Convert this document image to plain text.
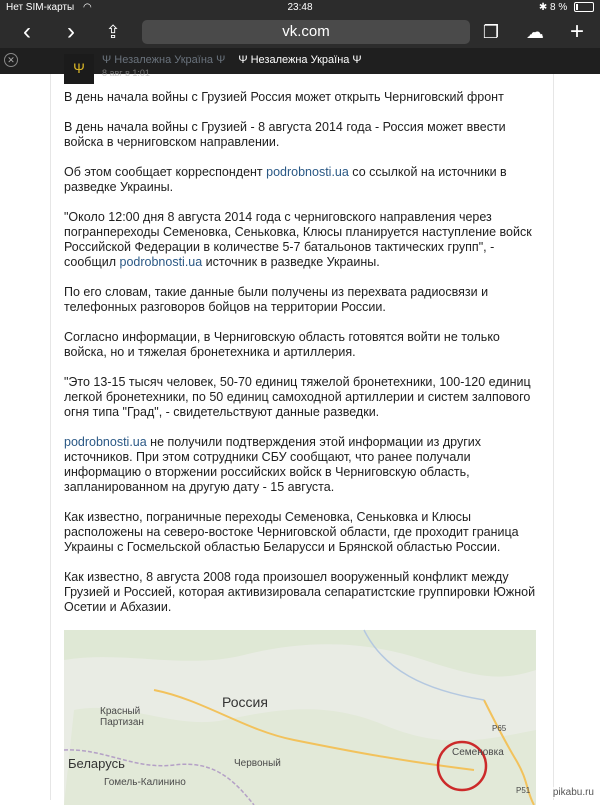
Нет SIM-карты ◠	23:48	✱ 8 %
‹	›	⇪	vk.com	❐	☁	+
✕	Ψ Незалежна Україна Ψ
Ψ	Ψ Незалежна Україна Ψ
8 авг в 1:01

В день начала войны с Грузией Россия может открыть Черниговский фронт

В день начала войны с Грузией - 8 августа 2014 года - Россия может ввести войска в черниговском направлении.

Об этом сообщает корреспондент podrobnosti.ua со ссылкой на источники в разведке Украины.

"Около 12:00 дня 8 августа 2014 года с черниговского направления через погранпереходы Семеновка, Сеньковка, Клюсы планируется наступление войск Российской Федерации в количестве 5-7 батальонов тактических групп", - сообщил podrobnosti.ua источник в разведке Украины.

По его словам, такие данные были получены из перехвата радиосвязи и телефонных разговоров бойцов на территории России.

Согласно информации, в Черниговскую область готовятся войти не только войска, но и тяжелая бронетехника и артиллерия.

"Это 13-15 тысяч человек, 50-70 единиц тяжелой бронетехники, 100-120 единиц легкой бронетехники, по 50 единиц самоходной артиллерии и систем залпового огня типа "Град", - свидетельствуют данные разведки.

podrobnosti.ua не получили подтверждения этой информации из других источников. При этом сотрудники СБУ сообщают, что ранее получали информацию о вторжении российских войск в Черниговскую область, запланированном на другую дату - 15 августа.

Как известно, пограничные переходы Семеновка, Сеньковка и Клюсы расположены на северо-востоке Черниговской области, где проходит граница Украины с Госмельской областью Беларусси и Брянской областью России.

Как известно, 8 августа 2008 года произошел вооруженный конфликт между Грузией и Россией, которая активизировала сепаратистские группировки Южной Осетии и Абхазии.

Россия
Беларусь
Красный
Партизан
Червоный
Гомель-Калинино
Семеновка
P65
Р51 pikabu.ru
